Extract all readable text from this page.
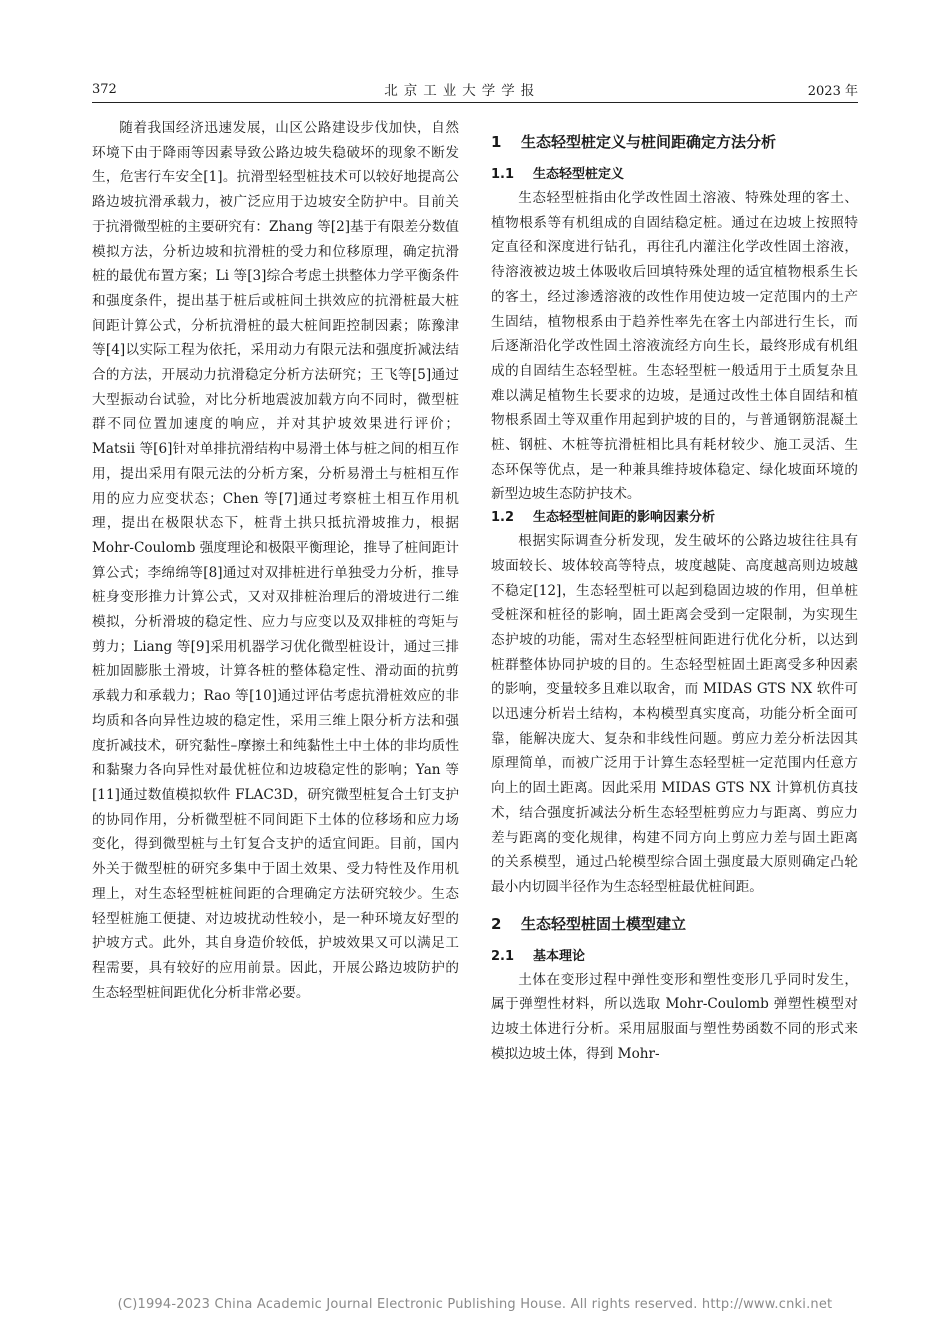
372	北京工业大学学报	2023 年

随着我国经济迅速发展，山区公路建设步伐加快，自然环境下由于降雨等因素导致公路边坡失稳破坏的现象不断发生，危害行车安全[1]。抗滑型轻型桩技术可以较好地提高公路边坡抗滑承载力，被广泛应用于边坡安全防护中。目前关于抗滑微型桩的主要研究有：Zhang 等[2]基于有限差分数值模拟方法，分析边坡和抗滑桩的受力和位移原理，确定抗滑桩的最优布置方案；Li 等[3]综合考虑土拱整体力学平衡条件和强度条件，提出基于桩后或桩间土拱效应的抗滑桩最大桩间距计算公式，分析抗滑桩的最大桩间距控制因素；陈豫津等[4]以实际工程为依托，采用动力有限元法和强度折减法结合的方法，开展动力抗滑稳定分析方法研究；王飞等[5]通过大型振动台试验，对比分析地震波加载方向不同时，微型桩群不同位置加速度的响应，并对其护坡效果进行评价；Matsii 等[6]针对单排抗滑结构中易滑土体与桩之间的相互作用，提出采用有限元法的分析方案，分析易滑土与桩相互作用的应力应变状态；Chen 等[7]通过考察桩土相互作用机理，提出在极限状态下，桩背土拱只抵抗滑坡推力，根据 Mohr-Coulomb 强度理论和极限平衡理论，推导了桩间距计算公式；李绵绵等[8]通过对双排桩进行单独受力分析，推导桩身变形推力计算公式，又对双排桩治理后的滑坡进行二维模拟，分析滑坡的稳定性、应力与应变以及双排桩的弯矩与剪力；Liang 等[9]采用机器学习优化微型桩设计，通过三排桩加固膨胀土滑坡，计算各桩的整体稳定性、滑动面的抗剪承载力和承载力；Rao 等[10]通过评估考虑抗滑桩效应的非均质和各向异性边坡的稳定性，采用三维上限分析方法和强度折减技术，研究黏性–摩擦土和纯黏性土中土体的非均质性和黏聚力各向异性对最优桩位和边坡稳定性的影响；Yan 等[11]通过数值模拟软件 FLAC3D，研究微型桩复合土钉支护的协同作用，分析微型桩不同间距下土体的位移场和应力场变化，得到微型桩与土钉复合支护的适宜间距。目前，国内外关于微型桩的研究多集中于固土效果、受力特性及作用机理上，对生态轻型桩桩间距的合理确定方法研究较少。生态轻型桩施工便捷、对边坡扰动性较小，是一种环境友好型的护坡方式。此外，其自身造价较低，护坡效果又可以满足工程需要，具有较好的应用前景。因此，开展公路边坡防护的生态轻型桩间距优化分析非常必要。

1 生态轻型桩定义与桩间距确定方法分析
1.1 生态轻型桩定义

生态轻型桩指由化学改性固土溶液、特殊处理的客土、植物根系等有机组成的自固结稳定桩。通过在边坡上按照特定直径和深度进行钻孔，再往孔内灌注化学改性固土溶液，待溶液被边坡土体吸收后回填特殊处理的适宜植物根系生长的客土，经过渗透溶液的改性作用使边坡一定范围内的土产生固结，植物根系由于趋养性率先在客土内部进行生长，而后逐渐沿化学改性固土溶液流经方向生长，最终形成有机组成的自固结生态轻型桩。生态轻型桩一般适用于土质复杂且难以满足植物生长要求的边坡，是通过改性土体自固结和植物根系固土等双重作用起到护坡的目的，与普通钢筋混凝土桩、钢桩、木桩等抗滑桩相比具有耗材较少、施工灵活、生态环保等优点，是一种兼具维持坡体稳定、绿化坡面环境的新型边坡生态防护技术。

1.2 生态轻型桩间距的影响因素分析

根据实际调查分析发现，发生破坏的公路边坡往往具有坡面较长、坡体较高等特点，坡度越陡、高度越高则边坡越不稳定[12]，生态轻型桩可以起到稳固边坡的作用，但单桩受桩深和桩径的影响，固土距离会受到一定限制，为实现生态护坡的功能，需对生态轻型桩间距进行优化分析，以达到桩群整体协同护坡的目的。生态轻型桩固土距离受多种因素的影响，变量较多且难以取舍，而 MIDAS GTS NX 软件可以迅速分析岩土结构，本构模型真实度高，功能分析全面可靠，能解决庞大、复杂和非线性问题。剪应力差分析法因其原理简单，而被广泛用于计算生态轻型桩一定范围内任意方向上的固土距离。因此采用 MIDAS GTS NX 计算机仿真技术，结合强度折减法分析生态轻型桩剪应力与距离、剪应力差与距离的变化规律，构建不同方向上剪应力差与固土距离的关系模型，通过凸轮模型综合固土强度最大原则确定凸轮最小内切圆半径作为生态轻型桩最优桩间距。

2 生态轻型桩固土模型建立
2.1 基本理论

土体在变形过程中弹性变形和塑性变形几乎同时发生，属于弹塑性材料，所以选取 Mohr-Coulomb 弹塑性模型对边坡土体进行分析。采用屈服面与塑性势函数不同的形式来模拟边坡土体，得到 Mohr-

(C)1994-2023 China Academic Journal Electronic Publishing House. All rights reserved. http://www.cnki.net
